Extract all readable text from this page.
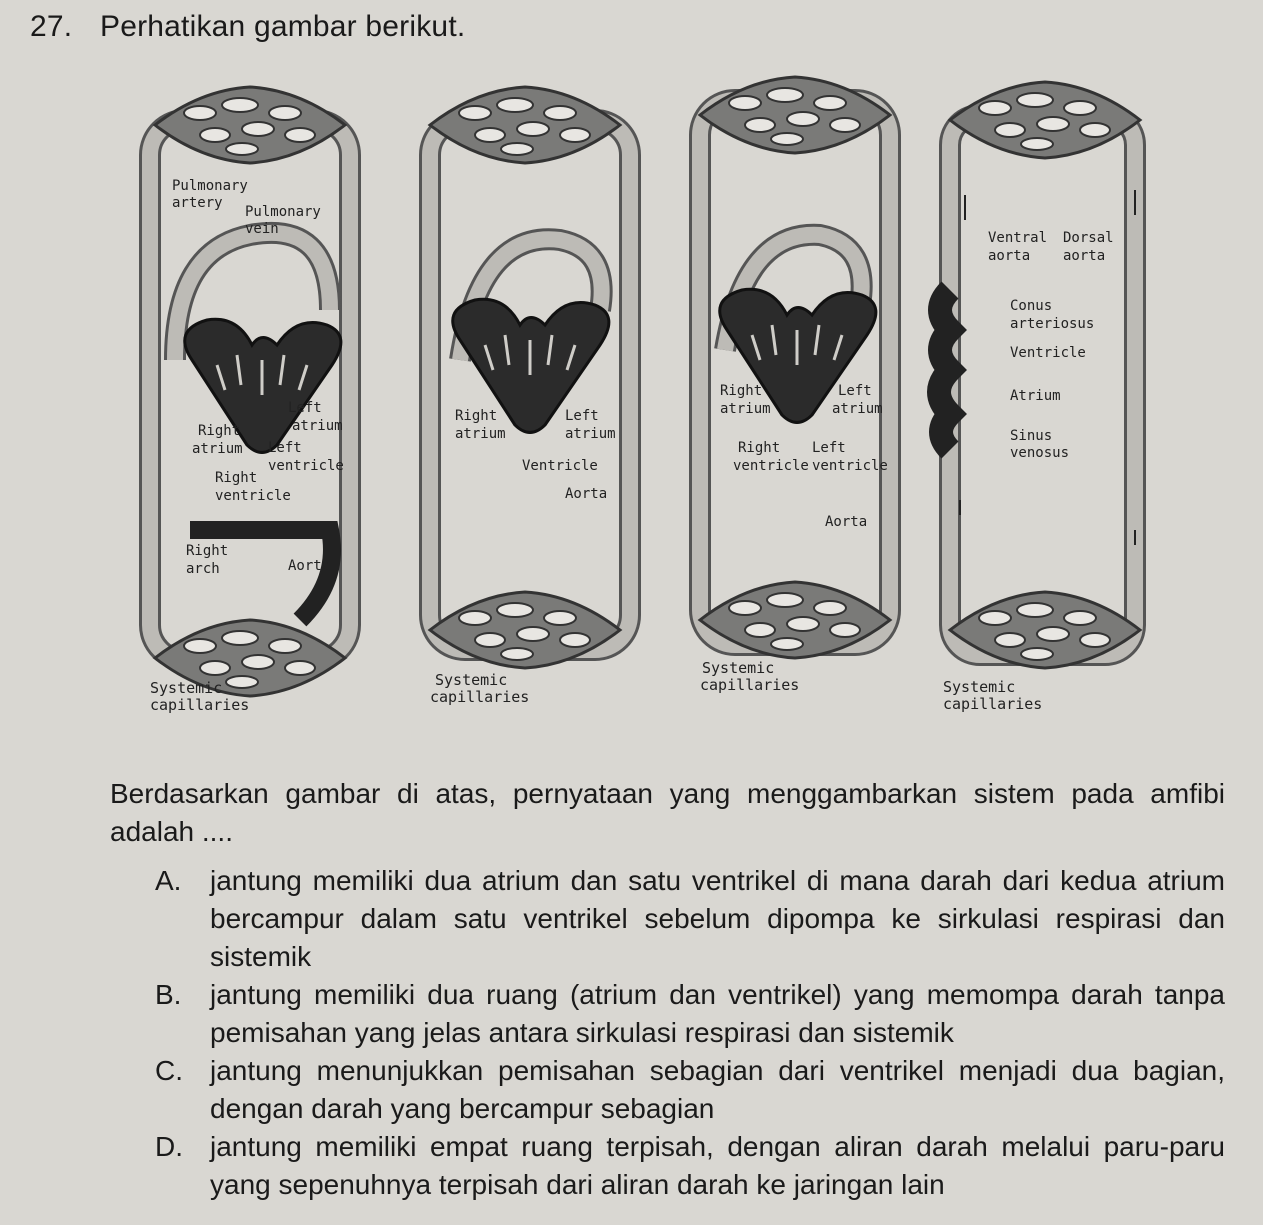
27. Perhatikan gambar berikut.
Pulmonary
artery
Pulmonary
vein
Left
atrium
Right
atrium Left
ventricle
Right
ventricle
Right
arch	Aorta
Systemic
capillaries
Right
atrium
Left
atrium
Ventricle
Aorta
Systemic
capillaries
Right
atrium
Left
atrium
Right
ventricle
Left
ventricle
Aorta
Systemic
capillaries
Ventral
aorta
Dorsal
aorta
Conus
arteriosus
Ventricle
Atrium
Sinus
venosus
Systemic
capillaries
Berdasarkan gambar di atas, pernyataan yang menggambarkan sistem pada amfibi adalah ....
A. jantung memiliki dua atrium dan satu ventrikel di mana darah dari kedua atrium bercampur dalam satu ventrikel sebelum dipompa ke sirkulasi respirasi dan sistemik
B. jantung memiliki dua ruang (atrium dan ventrikel) yang memompa darah tanpa pemisahan yang jelas antara sirkulasi respirasi dan sistemik
C. jantung menunjukkan pemisahan sebagian dari ventrikel menjadi dua bagian, dengan darah yang bercampur sebagian
D. jantung memiliki empat ruang terpisah, dengan aliran darah melalui paru-paru yang sepenuhnya terpisah dari aliran darah ke jaringan lain
